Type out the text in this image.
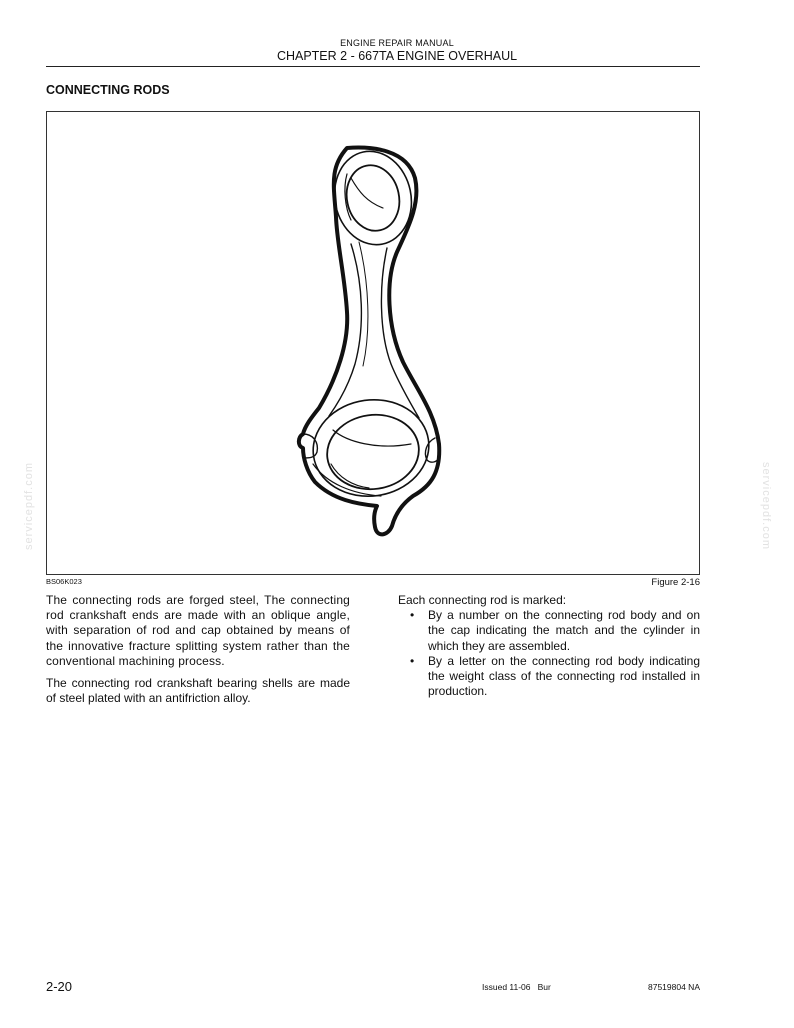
ENGINE REPAIR MANUAL
CHAPTER 2 - 667TA ENGINE OVERHAUL
CONNECTING RODS
BS06K023	Figure 2-16

The connecting rods are forged steel, The connecting rod crankshaft ends are made with an oblique angle, with separation of rod and cap obtained by means of the innovative fracture splitting system rather than the conventional machining process.

The connecting rod crankshaft bearing shells are made of steel plated with an antifriction alloy.

Each connecting rod is marked:

• By a number on the connecting rod body and on the cap indicating the match and the cylinder in which they are assembled.
• By a letter on the connecting rod body indicating the weight class of the connecting rod installed in production.
servicepdf.com	servicepdf.com
2-20	Issued 11-06   Bur	87519804 NA
